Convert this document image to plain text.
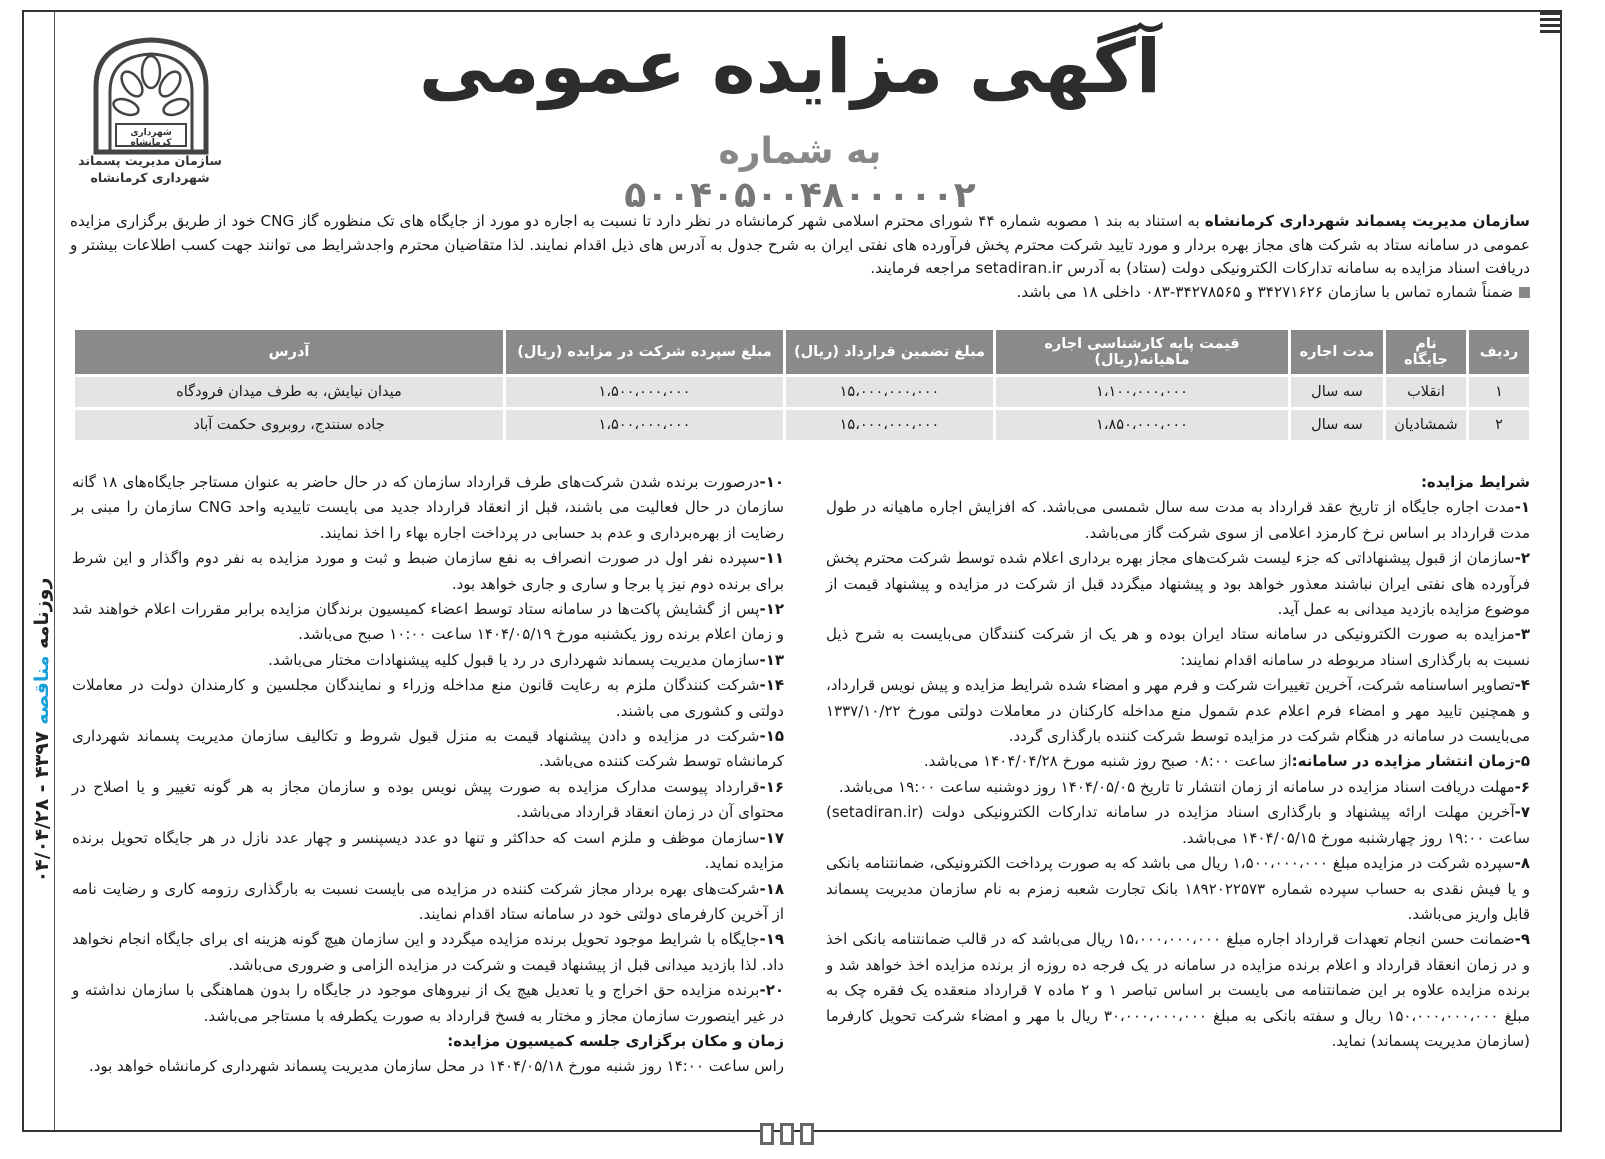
روزنامه مناقصه ۴۳۹۷ - ۰۴/۰۴/۲۸
شهرداری کرمانشاه
سازمان مدیریت پسماند
شهرداری کرمانشاه
آگهی مزایده عمومی
به شماره ۵۰۰۴۰۵۰۰۴۸۰۰۰۰۰۲
سازمان مدیریت پسماند شهرداری کرمانشاه به استناد به بند ۱ مصوبه شماره ۴۴ شورای محترم اسلامی شهر کرمانشاه در نظر دارد تا نسبت به اجاره دو مورد از جایگاه های تک منظوره گاز CNG خود از طریق برگزاری مزایده عمومی در سامانه ستاد به شرکت های مجاز بهره بردار و مورد تایید شرکت محترم پخش فرآورده های نفتی ایران به شرح جدول به آدرس های ذیل اقدام نمایند. لذا متقاضیان محترم واجدشرایط می توانند جهت کسب اطلاعات بیشتر و دریافت اسناد مزایده به سامانه تدارکات الکترونیکی دولت (ستاد) به آدرس setadiran.ir مراجعه فرمایند.
ضمناً شماره تماس با سازمان ۳۴۲۷۱۶۲۶ و ۳۴۲۷۸۵۶۵-۰۸۳ داخلی ۱۸ می باشد.
ردیف	نام جایگاه	مدت اجاره	قیمت پایه کارشناسی اجاره ماهیانه(ریال)	مبلغ تضمین قرارداد (ریال)	مبلغ سپرده شرکت در مزایده (ریال)	آدرس
۱	انقلاب	سه سال	۱،۱۰۰،۰۰۰،۰۰۰	۱۵،۰۰۰،۰۰۰،۰۰۰	۱،۵۰۰،۰۰۰،۰۰۰	میدان نیایش، به طرف میدان فرودگاه
۲	شمشادیان	سه سال	۱،۸۵۰،۰۰۰،۰۰۰	۱۵،۰۰۰،۰۰۰،۰۰۰	۱،۵۰۰،۰۰۰،۰۰۰	جاده سنندج، روبروی حکمت آباد

شرایط مزایده:

۱-مدت اجاره جایگاه از تاریخ عقد قرارداد به مدت سه سال شمسی می‌باشد. که افزایش اجاره ماهیانه در طول مدت قرارداد بر اساس نرخ کارمزد اعلامی از سوی شرکت گاز می‌باشد.

۲-سازمان از قبول پیشنهاداتی که جزء لیست شرکت‌های مجاز بهره برداری اعلام شده توسط شرکت محترم پخش فرآورده های نفتی ایران نباشند معذور خواهد بود و پیشنهاد میگردد قبل از شرکت در مزایده و پیشنهاد قیمت از موضوع مزایده بازدید میدانی به عمل آید.

۳-مزایده به صورت الکترونیکی در سامانه ستاد ایران بوده و هر یک از شرکت کنندگان می‌بایست به شرح ذیل نسبت به بارگذاری اسناد مربوطه در سامانه اقدام نمایند:

۴-تصاویر اساسنامه شرکت، آخرین تغییرات شرکت و فرم مهر و امضاء شده شرایط مزایده و پیش نویس قرارداد، و همچنین تایید مهر و امضاء فرم اعلام عدم شمول منع مداخله کارکنان در معاملات دولتی مورخ ۱۳۳۷/۱۰/۲۲ می‌بایست در سامانه در هنگام شرکت در مزایده توسط شرکت کننده بارگذاری گردد.

۵-زمان انتشار مزایده در سامانه:از ساعت ۰۸:۰۰ صبح روز شنبه مورخ ۱۴۰۴/۰۴/۲۸ می‌باشد.

۶-مهلت دریافت اسناد مزایده در سامانه از زمان انتشار تا تاریخ ۱۴۰۴/۰۵/۰۵ روز دوشنبه ساعت ۱۹:۰۰ می‌باشد.

۷-آخرین مهلت ارائه پیشنهاد و بارگذاری اسناد مزایده در سامانه تدارکات الکترونیکی دولت (setadiran.ir) ساعت ۱۹:۰۰ روز چهارشنبه مورخ ۱۴۰۴/۰۵/۱۵ می‌باشد.

۸-سپرده شرکت در مزایده مبلغ ۱،۵۰۰،۰۰۰،۰۰۰ ریال می باشد که به صورت پرداخت الکترونیکی، ضمانتنامه بانکی و یا فیش نقدی به حساب سپرده شماره ۱۸۹۲۰۲۲۵۷۳ بانک تجارت شعبه زمزم به نام سازمان مدیریت پسماند قابل واریز می‌باشد.

۹-ضمانت حسن انجام تعهدات قرارداد اجاره مبلغ ۱۵،۰۰۰،۰۰۰،۰۰۰ ریال می‌باشد که در قالب ضمانتنامه بانکی اخذ و در زمان انعقاد قرارداد و اعلام برنده مزایده در سامانه در یک فرجه ده روزه از برنده مزایده اخذ خواهد شد و برنده مزایده علاوه بر این ضمانتنامه می بایست بر اساس تباصر ۱ و ۲ ماده ۷ قرارداد منعقده یک فقره چک به مبلغ ۱۵۰،۰۰۰،۰۰۰،۰۰۰ ریال و سفته بانکی به مبلغ ۳۰،۰۰۰،۰۰۰،۰۰۰ ریال با مهر و امضاء شرکت تحویل کارفرما (سازمان مدیریت پسماند) نماید.

۱۰-درصورت برنده شدن شرکت‌های طرف قرارداد سازمان که در حال حاضر به عنوان مستاجر جایگاه‌های ۱۸ گانه سازمان در حال فعالیت می باشند، قبل از انعقاد قرارداد جدید می بایست تاییدیه واحد CNG سازمان را مبنی بر رضایت از بهره‌برداری و عدم بد حسابی در پرداخت اجاره بهاء را اخذ نمایند.

۱۱-سپرده نفر اول در صورت انصراف به نفع سازمان ضبط و ثبت و مورد مزایده به نفر دوم واگذار و این شرط برای برنده دوم نیز پا برجا و ساری و جاری خواهد بود.

۱۲-پس از گشایش پاکت‌ها در سامانه ستاد توسط اعضاء کمیسیون برندگان مزایده برابر مقررات اعلام خواهند شد و زمان اعلام برنده روز یکشنبه مورخ ۱۴۰۴/۰۵/۱۹ ساعت ۱۰:۰۰ صبح می‌باشد.

۱۳-سازمان مدیریت پسماند شهرداری در رد یا قبول کلیه پیشنهادات مختار می‌باشد.

۱۴-شرکت کنندگان ملزم به رعایت قانون منع مداخله وزراء و نمایندگان مجلسین و کارمندان دولت در معاملات دولتی و کشوری می باشند.

۱۵-شرکت در مزایده و دادن پیشنهاد قیمت به منزل قبول شروط و تکالیف سازمان مدیریت پسماند شهرداری کرمانشاه توسط شرکت کننده می‌باشد.

۱۶-قرارداد پیوست مدارک مزایده به صورت پیش نویس بوده و سازمان مجاز به هر گونه تغییر و یا اصلاح در محتوای آن در زمان انعقاد قرارداد می‌باشد.

۱۷-سازمان موظف و ملزم است که حداکثر و تنها دو عدد دیسپنسر و چهار عدد نازل در هر جایگاه تحویل برنده مزایده نماید.

۱۸-شرکت‌های بهره بردار مجاز شرکت کننده در مزایده می بایست نسبت به بارگذاری رزومه کاری و رضایت نامه از آخرین کارفرمای دولتی خود در سامانه ستاد اقدام نمایند.

۱۹-جایگاه با شرایط موجود تحویل برنده مزایده میگردد و این سازمان هیچ گونه هزینه ای برای جایگاه انجام نخواهد داد. لذا بازدید میدانی قبل از پیشنهاد قیمت و شرکت در مزایده الزامی و ضروری می‌باشد.

۲۰-برنده مزایده حق اخراج و یا تعدیل هیچ یک از نیروهای موجود در جایگاه را بدون هماهنگی با سازمان نداشته و در غیر اینصورت سازمان مجاز و مختار به فسخ قرارداد به صورت یکطرفه با مستاجر می‌باشد.

زمان و مکان برگزاری جلسه کمیسیون مزایده:

راس ساعت ۱۴:۰۰ روز شنبه مورخ ۱۴۰۴/۰۵/۱۸ در محل سازمان مدیریت پسماند شهرداری کرمانشاه خواهد بود.
